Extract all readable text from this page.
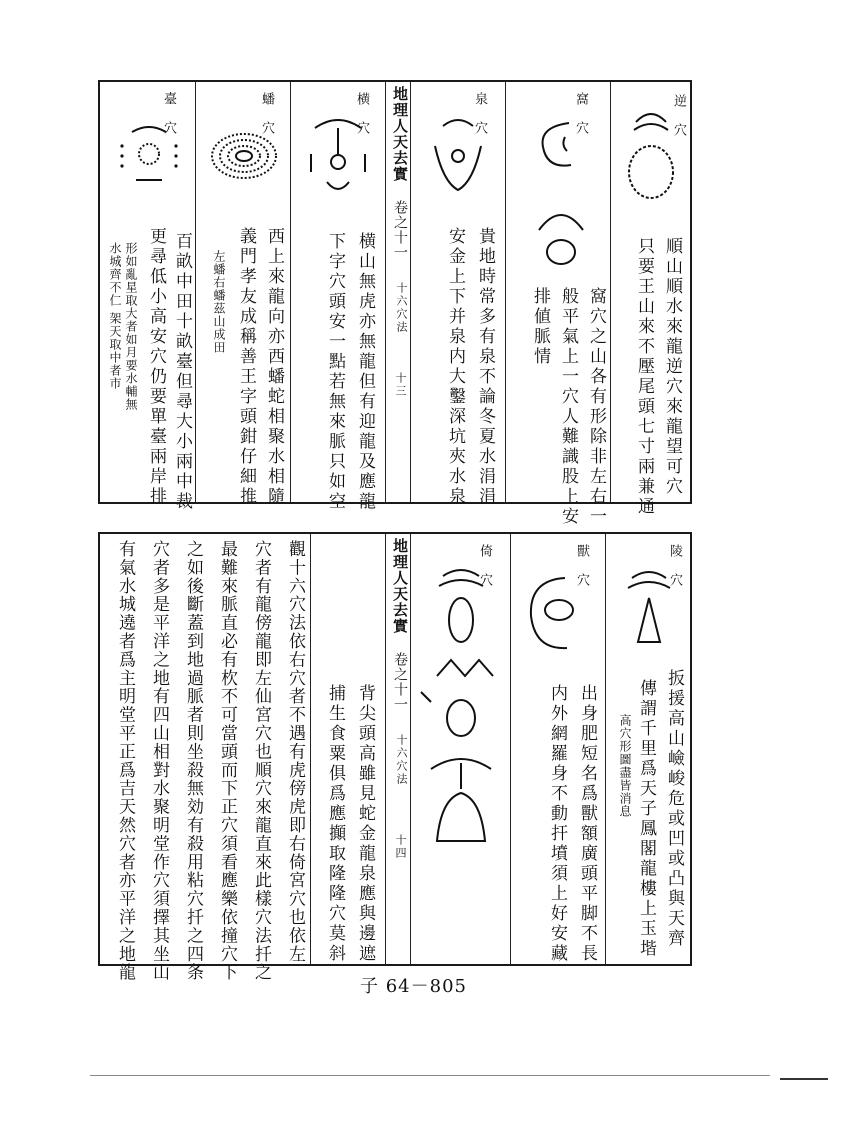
逆 穴
順山順水來龍逆穴來龍望可穴
只要王山來不壓尾頭七寸兩兼通
窩 穴
窩穴之山各有形除非左右一
般平氣上一穴人難識股上安
排値脈情
泉 穴
貴地時常多有泉不論冬夏水涓涓
安金上下并泉内大鑿深坑夾水泉
地理人天去實
卷之十一
十六穴法
十三
横 穴
横山無虎亦無龍但有迎龍及應龍
下字穴頭安一點若無來脈只如空
蟠 穴
西上來龍向亦西蟠蛇相聚水相隨
義門孝友成稱善王字頭鉗仔細推
左蟠右蟠茲山成田
臺 穴
百畝中田十畝臺但尋大小兩中裁
更尋低小高安穴仍要單臺兩岸排
形如亂星取大者如月要水輔無
水城齊不仁 架天取中者市
陵 穴
扳援高山嶮峻危或凹或凸與天齊
高穴形圖盡皆消息 傳謂千里爲天子鳳閣龍樓上玉堦
獸 穴
出身肥短名爲獸額廣頭平脚不長
内外網羅身不動扞墳須上好安藏
倚 穴
地理人天去實
卷之十一
十六穴法
十四
背尖頭高雖見蛇金龍泉應與邊遮
捕生食粟俱爲應攧取隆隆穴莫斜
觀十六穴法依右穴者不遇有虎傍虎即右倚宮穴也依左
穴者有龍傍龍即左仙宮穴也順穴來龍直來此樣穴法扦之
最難來脈直必有杴不可當頭而下正穴須看應樂依撞穴下
之如後斷蓋到地過脈者則坐殺無効有殺用粘穴扦之四条
穴者多是平洋之地有四山相對水聚明堂作穴須擇其坐山
有氣水城遶者爲主明堂平正爲吉天然穴者亦平洋之地龍
子 64－805
